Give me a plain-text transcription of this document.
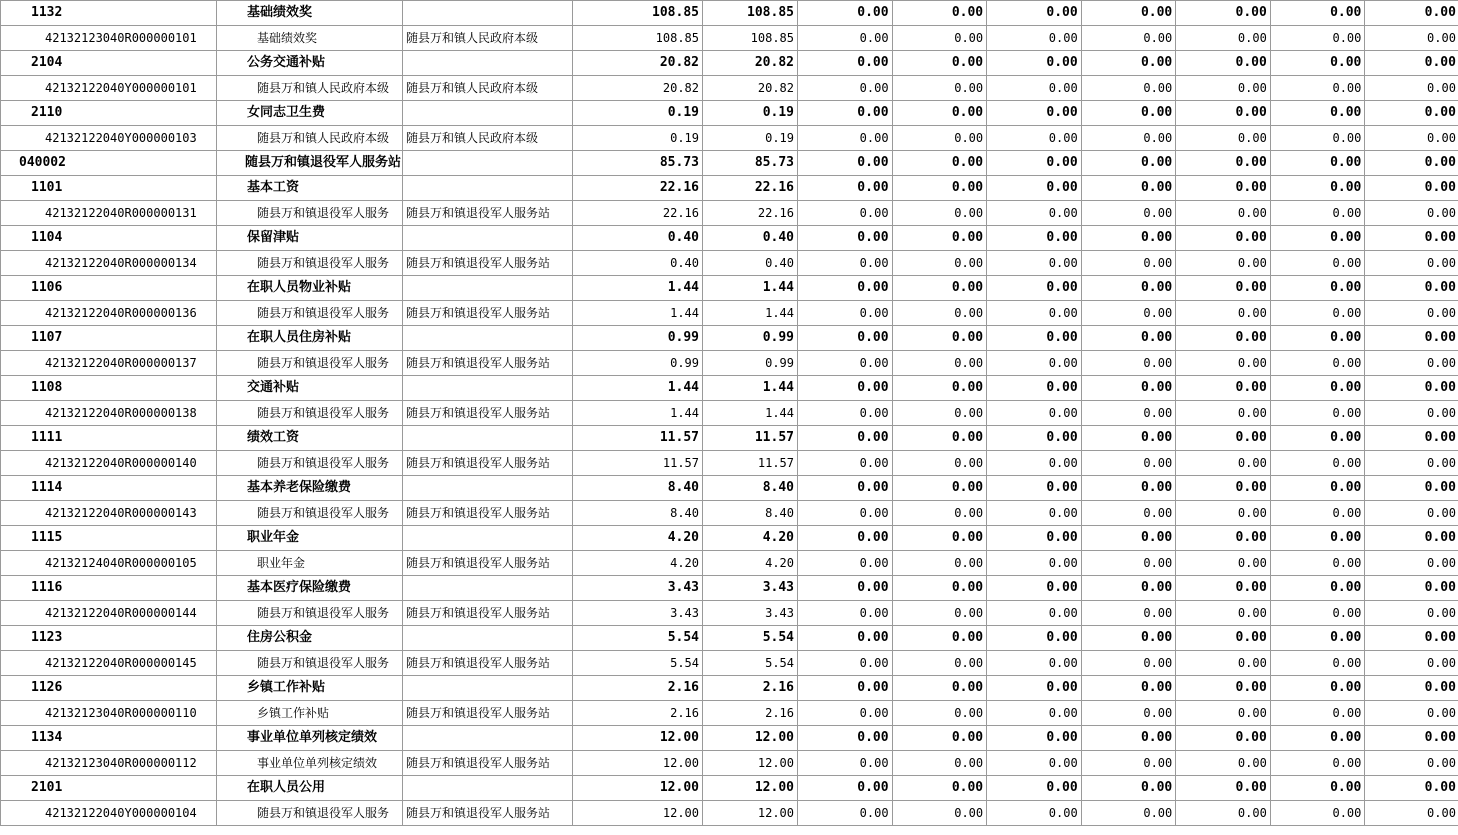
1132	基础绩效奖		108.85	108.85	0.00	0.00	0.00	0.00	0.00	0.00	0.00
42132123040R000000101	基础绩效奖	随县万和镇人民政府本级	108.85	108.85	0.00	0.00	0.00	0.00	0.00	0.00	0.00
2104	公务交通补贴		20.82	20.82	0.00	0.00	0.00	0.00	0.00	0.00	0.00
42132122040Y000000101	随县万和镇人民政府本级	随县万和镇人民政府本级	20.82	20.82	0.00	0.00	0.00	0.00	0.00	0.00	0.00
2110	女同志卫生费		0.19	0.19	0.00	0.00	0.00	0.00	0.00	0.00	0.00
42132122040Y000000103	随县万和镇人民政府本级	随县万和镇人民政府本级	0.19	0.19	0.00	0.00	0.00	0.00	0.00	0.00	0.00
040002	随县万和镇退役军人服务站		85.73	85.73	0.00	0.00	0.00	0.00	0.00	0.00	0.00
1101	基本工资		22.16	22.16	0.00	0.00	0.00	0.00	0.00	0.00	0.00
42132122040R000000131	随县万和镇退役军人服务	随县万和镇退役军人服务站	22.16	22.16	0.00	0.00	0.00	0.00	0.00	0.00	0.00
1104	保留津贴		0.40	0.40	0.00	0.00	0.00	0.00	0.00	0.00	0.00
42132122040R000000134	随县万和镇退役军人服务	随县万和镇退役军人服务站	0.40	0.40	0.00	0.00	0.00	0.00	0.00	0.00	0.00
1106	在职人员物业补贴		1.44	1.44	0.00	0.00	0.00	0.00	0.00	0.00	0.00
42132122040R000000136	随县万和镇退役军人服务	随县万和镇退役军人服务站	1.44	1.44	0.00	0.00	0.00	0.00	0.00	0.00	0.00
1107	在职人员住房补贴		0.99	0.99	0.00	0.00	0.00	0.00	0.00	0.00	0.00
42132122040R000000137	随县万和镇退役军人服务	随县万和镇退役军人服务站	0.99	0.99	0.00	0.00	0.00	0.00	0.00	0.00	0.00
1108	交通补贴		1.44	1.44	0.00	0.00	0.00	0.00	0.00	0.00	0.00
42132122040R000000138	随县万和镇退役军人服务	随县万和镇退役军人服务站	1.44	1.44	0.00	0.00	0.00	0.00	0.00	0.00	0.00
1111	绩效工资		11.57	11.57	0.00	0.00	0.00	0.00	0.00	0.00	0.00
42132122040R000000140	随县万和镇退役军人服务	随县万和镇退役军人服务站	11.57	11.57	0.00	0.00	0.00	0.00	0.00	0.00	0.00
1114	基本养老保险缴费		8.40	8.40	0.00	0.00	0.00	0.00	0.00	0.00	0.00
42132122040R000000143	随县万和镇退役军人服务	随县万和镇退役军人服务站	8.40	8.40	0.00	0.00	0.00	0.00	0.00	0.00	0.00
1115	职业年金		4.20	4.20	0.00	0.00	0.00	0.00	0.00	0.00	0.00
42132124040R000000105	职业年金	随县万和镇退役军人服务站	4.20	4.20	0.00	0.00	0.00	0.00	0.00	0.00	0.00
1116	基本医疗保险缴费		3.43	3.43	0.00	0.00	0.00	0.00	0.00	0.00	0.00
42132122040R000000144	随县万和镇退役军人服务	随县万和镇退役军人服务站	3.43	3.43	0.00	0.00	0.00	0.00	0.00	0.00	0.00
1123	住房公积金		5.54	5.54	0.00	0.00	0.00	0.00	0.00	0.00	0.00
42132122040R000000145	随县万和镇退役军人服务	随县万和镇退役军人服务站	5.54	5.54	0.00	0.00	0.00	0.00	0.00	0.00	0.00
1126	乡镇工作补贴		2.16	2.16	0.00	0.00	0.00	0.00	0.00	0.00	0.00
42132123040R000000110	乡镇工作补贴	随县万和镇退役军人服务站	2.16	2.16	0.00	0.00	0.00	0.00	0.00	0.00	0.00
1134	事业单位单列核定绩效		12.00	12.00	0.00	0.00	0.00	0.00	0.00	0.00	0.00
42132123040R000000112	事业单位单列核定绩效	随县万和镇退役军人服务站	12.00	12.00	0.00	0.00	0.00	0.00	0.00	0.00	0.00
2101	在职人员公用		12.00	12.00	0.00	0.00	0.00	0.00	0.00	0.00	0.00
42132122040Y000000104	随县万和镇退役军人服务	随县万和镇退役军人服务站	12.00	12.00	0.00	0.00	0.00	0.00	0.00	0.00	0.00
